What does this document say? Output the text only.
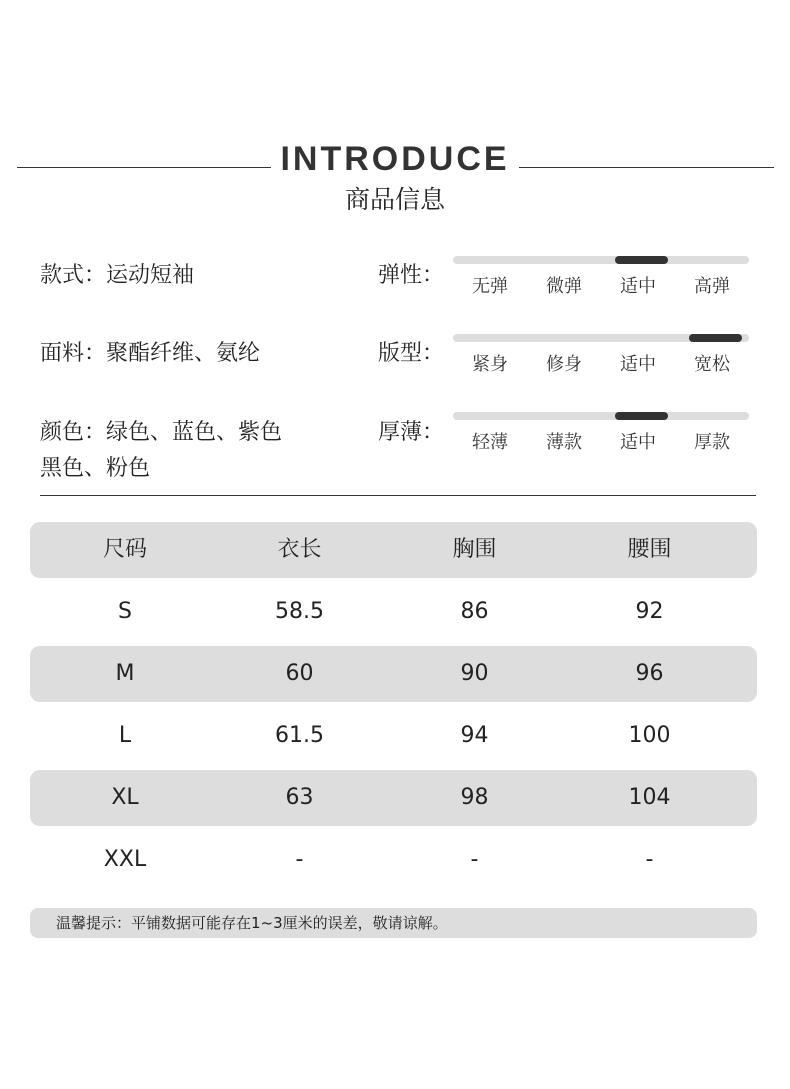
INTRODUCE
商品信息
款式：运动短袖
面料：聚酯纤维、氨纶
颜色：绿色、蓝色、紫色
黑色、粉色
弹性：
版型：
厚薄：
无弹	微弹	适中	高弹
紧身	修身	适中	宽松
轻薄	薄款	适中	厚款
尺码	衣长	胸围	腰围
S	58.5	86	92
M	60	90	96
L	61.5	94	100
XL	63	98	104
XXL	-	-	-
温馨提示：平铺数据可能存在1~3厘米的误差，敬请谅解。
